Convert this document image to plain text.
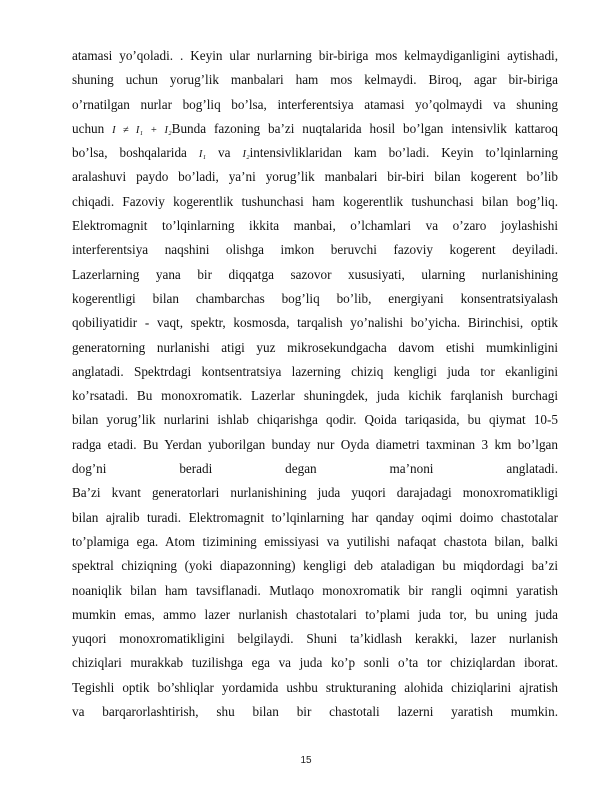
atamasi yo’qoladi. . Keyin ular nurlarning bir-biriga mos kelmaydiganligini aytishadi,
shuning uchun yorug’lik manbalari ham mos kelmaydi. Biroq, agar bir-biriga
o’rnatilgan nurlar bog’liq bo’lsa, interferentsiya atamasi yo’qolmaydi va shuning
uchun I ≠ I₁ + I₂Bunda fazoning ba’zi nuqtalarida hosil bo’lgan intensivlik kattaroq
bo’lsa, boshqalarida I₁ va I₂intensivliklaridan kam bo’ladi. Keyin to’lqinlarning
aralashuvi paydo bo’ladi, ya’ni yorug’lik manbalari bir-biri bilan kogerent bo’lib
chiqadi. Fazoviy kogerentlik tushunchasi ham kogerentlik tushunchasi bilan bog’liq.
Elektromagnit to’lqinlarning ikkita manbai, o’lchamlari va o’zaro joylashishi
interferentsiya naqshini olishga imkon beruvchi fazoviy kogerent deyiladi.
Lazerlarning yana bir diqqatga sazovor xususiyati, ularning nurlanishining
kogerentligi bilan chambarchas bog’liq bo’lib, energiyani konsentratsiyalash
qobiliyatidir - vaqt, spektr, kosmosda, tarqalish yo’nalishi bo’yicha. Birinchisi, optik
generatorning nurlanishi atigi yuz mikrosekundgacha davom etishi mumkinligini
anglatadi. Spektrdagi kontsentratsiya lazerning chiziq kengligi juda tor ekanligini
ko’rsatadi. Bu monoxromatik. Lazerlar shuningdek, juda kichik farqlanish burchagi
bilan yorug’lik nurlarini ishlab chiqarishga qodir. Qoida tariqasida, bu qiymat 10-5
radga etadi. Bu Yerdan yuborilgan bunday nur Oyda diametri taxminan 3 km bo’lgan
dog’ni beradi degan ma’noni anglatadi.
Ba’zi kvant generatorlari nurlanishining juda yuqori darajadagi monoxromatikligi
bilan ajralib turadi. Elektromagnit to’lqinlarning har qanday oqimi doimo chastotalar
to’plamiga ega. Atom tizimining emissiyasi va yutilishi nafaqat chastota bilan, balki
spektral chiziqning (yoki diapazonning) kengligi deb ataladigan bu miqdordagi ba’zi
noaniqlik bilan ham tavsiflanadi. Mutlaqo monoxromatik bir rangli oqimni yaratish
mumkin emas, ammo lazer nurlanish chastotalari to’plami juda tor, bu uning juda
yuqori monoxromatikligini belgilaydi. Shuni ta’kidlash kerakki, lazer nurlanish
chiziqlari murakkab tuzilishga ega va juda ko’p sonli o’ta tor chiziqlardan iborat.
Tegishli optik bo’shliqlar yordamida ushbu strukturaning alohida chiziqlarini ajratish
va barqarorlashtirish, shu bilan bir chastotali lazerni yaratish mumkin.
15
